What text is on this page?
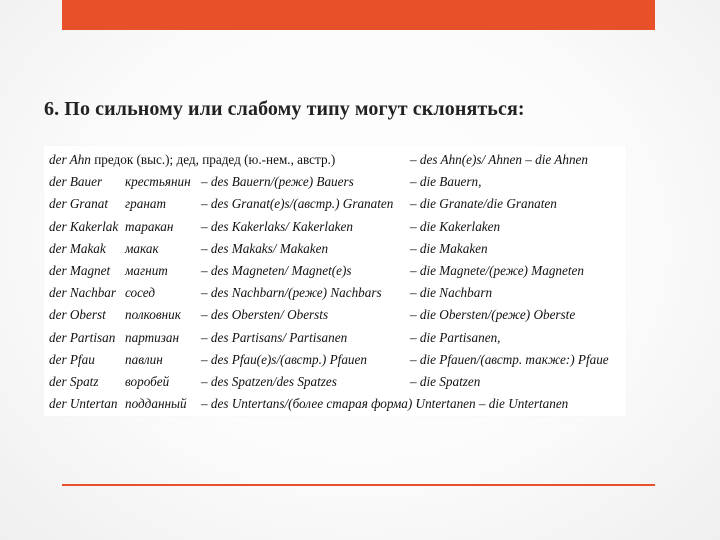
6. По сильному или слабому типу могут склоняться:
der Ahn предок (выс.); дед, прадед (ю.-нем., австр.)			– des Ahn(e)s/ Ahnen – die Ahnen
der Bauer	крестьянин	– des Bauern/(реже) Bauers	– die Bauern,
der Granat	гранат	– des Granat(e)s/(австр.) Granaten	– die Granate/die Granaten
der Kakerlak	таракан	– des Kakerlaks/ Kakerlaken	– die Kakerlaken
der Makak	макак	– des Makaks/ Makaken	– die Makaken
der Magnet	магнит	– des Magneten/ Magnet(e)s	– die Magnete/(реже) Magneten
der Nachbar	сосед	– des Nachbarn/(реже) Nachbars	– die Nachbarn
der Oberst	полковник	– des Obersten/ Obersts	– die Obersten/(реже) Oberste
der Partisan	партизан	– des Partisans/ Partisanen	– die Partisanen,
der Pfau	павлин	– des Pfau(e)s/(австр.) Pfauen	– die Pfauen/(австр. также:) Pfaue
der Spatz	воробей	– des Spatzen/des Spatzes	– die Spatzen
der Untertan	подданный	– des Untertans/(более старая форма) Untertanen – die Untertanen	
